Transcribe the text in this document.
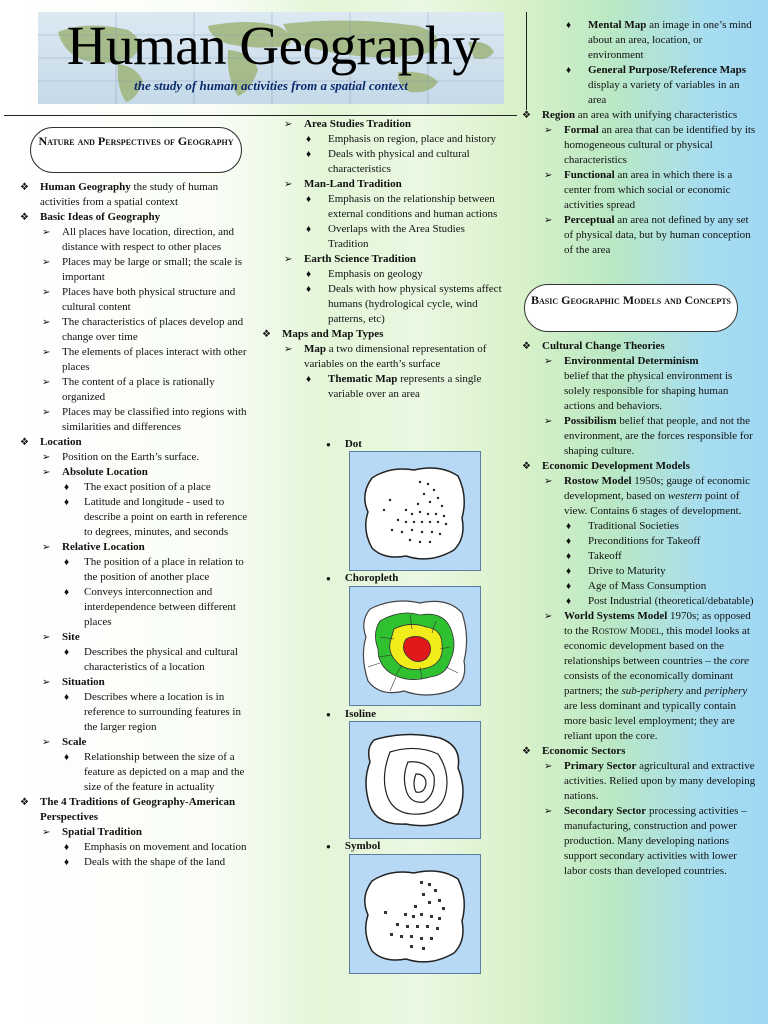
Human Geography
the study of human activities from a spatial context
Nature and Perspectives of Geography
❖ Human Geography the study of human activities from a spatial context
❖ Basic Ideas of Geography
➢ All places have location, direction, and distance with respect to other places
➢ Places may be large or small; the scale is important
➢ Places have both physical structure and cultural content
➢ The characteristics of places develop and change over time
➢ The elements of places interact with other places
➢ The content of a place is rationally organized
➢ Places may be classified into regions with similarities and differences
❖ Location
➢ Position on the Earth’s surface.
➢ Absolute Location
♦ The exact position of a place
♦ Latitude and longitude - used to describe a point on earth in reference to degrees, minutes, and seconds
➢ Relative Location
♦ The position of a place in relation to the position of another place
♦ Conveys interconnection and interdependence between different places
➢ Site
♦ Describes the physical and cultural characteristics of a location
➢ Situation
♦ Describes where a location is in reference to surrounding features in the larger region
➢ Scale
♦ Relationship between the size of a feature as depicted on a map and the size of the feature in actuality
❖ The 4 Traditions of Geography-American Perspectives
➢ Spatial Tradition
♦ Emphasis on movement and location
♦ Deals with the shape of the land
➢ Area Studies Tradition
♦ Emphasis on region, place and history
♦ Deals with physical and cultural characteristics
➢ Man-Land Tradition
♦ Emphasis on the relationship between external conditions and human actions
♦ Overlaps with the Area Studies Tradition
➢ Earth Science Tradition
♦ Emphasis on geology
♦ Deals with how physical systems affect humans (hydrological cycle, wind patterns, etc)
❖ Maps and Map Types
➢ Map a two dimensional representation of variables on the earth’s surface
♦ Thematic Map represents a single variable over an area
● Dot
● Choropleth
● Isoline
● Symbol
♦ Mental Map an image in one’s mind about an area, location, or environment
♦ General Purpose/Reference Maps display a variety of variables in an area
❖ Region an area with unifying characteristics
➢ Formal an area that can be identified by its homogeneous cultural or physical characteristics
➢ Functional an area in which there is a center from which social or economic activities spread
➢ Perceptual an area not defined by any set of physical data, but by human conception of the area
Basic Geographic Models and Concepts
❖ Cultural Change Theories
➢ Environmental Determinism
belief that the physical environment is solely responsible for shaping human actions and behaviors.
➢ Possibilism belief that people, and not the environment, are the forces responsible for shaping culture.
❖ Economic Development Models
➢ Rostow Model 1950s; gauge of economic development, based on western point of view. Contains 6 stages of development.
♦ Traditional Societies
♦ Preconditions for Takeoff
♦ Takeoff
♦ Drive to Maturity
♦ Age of Mass Consumption
♦ Post Industrial (theoretical/debatable)
➢ World Systems Model 1970s; as opposed to the Rostow Model, this model looks at economic development based on the relationships between countries – the core consists of the economically dominant partners; the sub-periphery and periphery are less dominant and typically contain more basic level employment; they are reliant upon the core.
❖ Economic Sectors
➢ Primary Sector agricultural and extractive activities. Relied upon by many developing nations.
➢ Secondary Sector processing activities – manufacturing, construction and power production. Many developing nations support secondary activities with lower labor costs than developed countries.
